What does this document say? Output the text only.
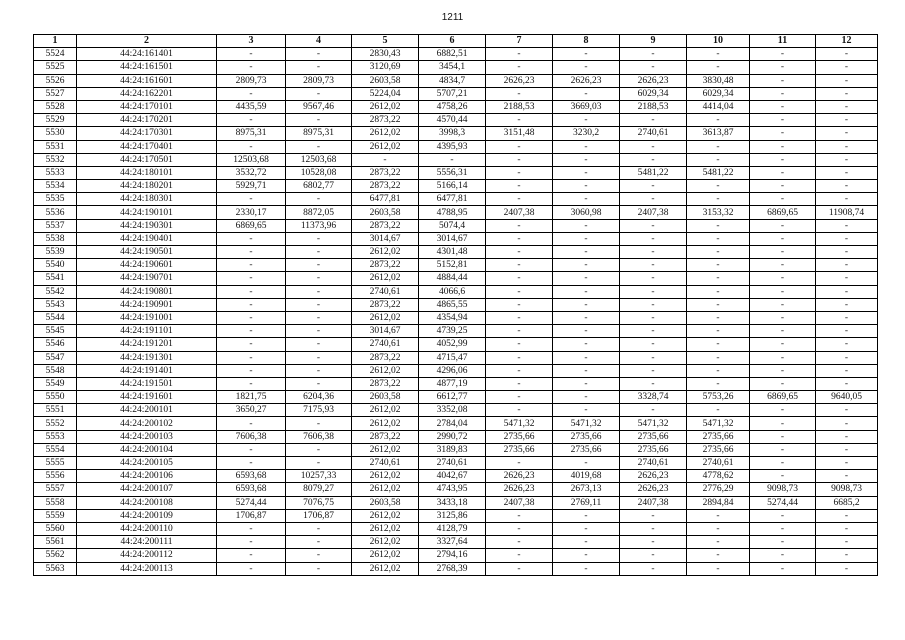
1211
1	2	3	4	5	6	7	8	9	10	11	12
5524	44:24:161401	-	-	2830,43	6882,51	-	-	-	-	-	-
5525	44:24:161501	-	-	3120,69	3454,1	-	-	-	-	-	-
5526	44:24:161601	2809,73	2809,73	2603,58	4834,7	2626,23	2626,23	2626,23	3830,48	-	-
5527	44:24:162201	-	-	5224,04	5707,21	-	-	6029,34	6029,34	-	-
5528	44:24:170101	4435,59	9567,46	2612,02	4758,26	2188,53	3669,03	2188,53	4414,04	-	-
5529	44:24:170201	-	-	2873,22	4570,44	-	-	-	-	-	-
5530	44:24:170301	8975,31	8975,31	2612,02	3998,3	3151,48	3230,2	2740,61	3613,87	-	-
5531	44:24:170401	-	-	2612,02	4395,93	-	-	-	-	-	-
5532	44:24:170501	12503,68	12503,68	-	-	-	-	-	-	-	-
5533	44:24:180101	3532,72	10528,08	2873,22	5556,31	-	-	5481,22	5481,22	-	-
5534	44:24:180201	5929,71	6802,77	2873,22	5166,14	-	-	-	-	-	-
5535	44:24:180301	-	-	6477,81	6477,81	-	-	-	-	-	-
5536	44:24:190101	2330,17	8872,05	2603,58	4788,95	2407,38	3060,98	2407,38	3153,32	6869,65	11908,74
5537	44:24:190301	6869,65	11373,96	2873,22	5074,4	-	-	-	-	-	-
5538	44:24:190401	-	-	3014,67	3014,67	-	-	-	-	-	-
5539	44:24:190501	-	-	2612,02	4301,48	-	-	-	-	-	-
5540	44:24:190601	-	-	2873,22	5152,81	-	-	-	-	-	-
5541	44:24:190701	-	-	2612,02	4884,44	-	-	-	-	-	-
5542	44:24:190801	-	-	2740,61	4066,6	-	-	-	-	-	-
5543	44:24:190901	-	-	2873,22	4865,55	-	-	-	-	-	-
5544	44:24:191001	-	-	2612,02	4354,94	-	-	-	-	-	-
5545	44:24:191101	-	-	3014,67	4739,25	-	-	-	-	-	-
5546	44:24:191201	-	-	2740,61	4052,99	-	-	-	-	-	-
5547	44:24:191301	-	-	2873,22	4715,47	-	-	-	-	-	-
5548	44:24:191401	-	-	2612,02	4296,06	-	-	-	-	-	-
5549	44:24:191501	-	-	2873,22	4877,19	-	-	-	-	-	-
5550	44:24:191601	1821,75	6204,36	2603,58	6612,77	-	-	3328,74	5753,26	6869,65	9640,05
5551	44:24:200101	3650,27	7175,93	2612,02	3352,08	-	-	-	-	-	-
5552	44:24:200102	-	-	2612,02	2784,04	5471,32	5471,32	5471,32	5471,32	-	-
5553	44:24:200103	7606,38	7606,38	2873,22	2990,72	2735,66	2735,66	2735,66	2735,66	-	-
5554	44:24:200104	-	-	2612,02	3189,83	2735,66	2735,66	2735,66	2735,66	-	-
5555	44:24:200105	-	-	2740,61	2740,61	-	-	2740,61	2740,61	-	-
5556	44:24:200106	6593,68	10257,33	2612,02	4042,67	2626,23	4019,68	2626,23	4778,62	-	-
5557	44:24:200107	6593,68	8079,27	2612,02	4743,95	2626,23	2673,13	2626,23	2776,29	9098,73	9098,73
5558	44:24:200108	5274,44	7076,75	2603,58	3433,18	2407,38	2769,11	2407,38	2894,84	5274,44	6685,2
5559	44:24:200109	1706,87	1706,87	2612,02	3125,86	-	-	-	-	-	-
5560	44:24:200110	-	-	2612,02	4128,79	-	-	-	-	-	-
5561	44:24:200111	-	-	2612,02	3327,64	-	-	-	-	-	-
5562	44:24:200112	-	-	2612,02	2794,16	-	-	-	-	-	-
5563	44:24:200113	-	-	2612,02	2768,39	-	-	-	-	-	-
